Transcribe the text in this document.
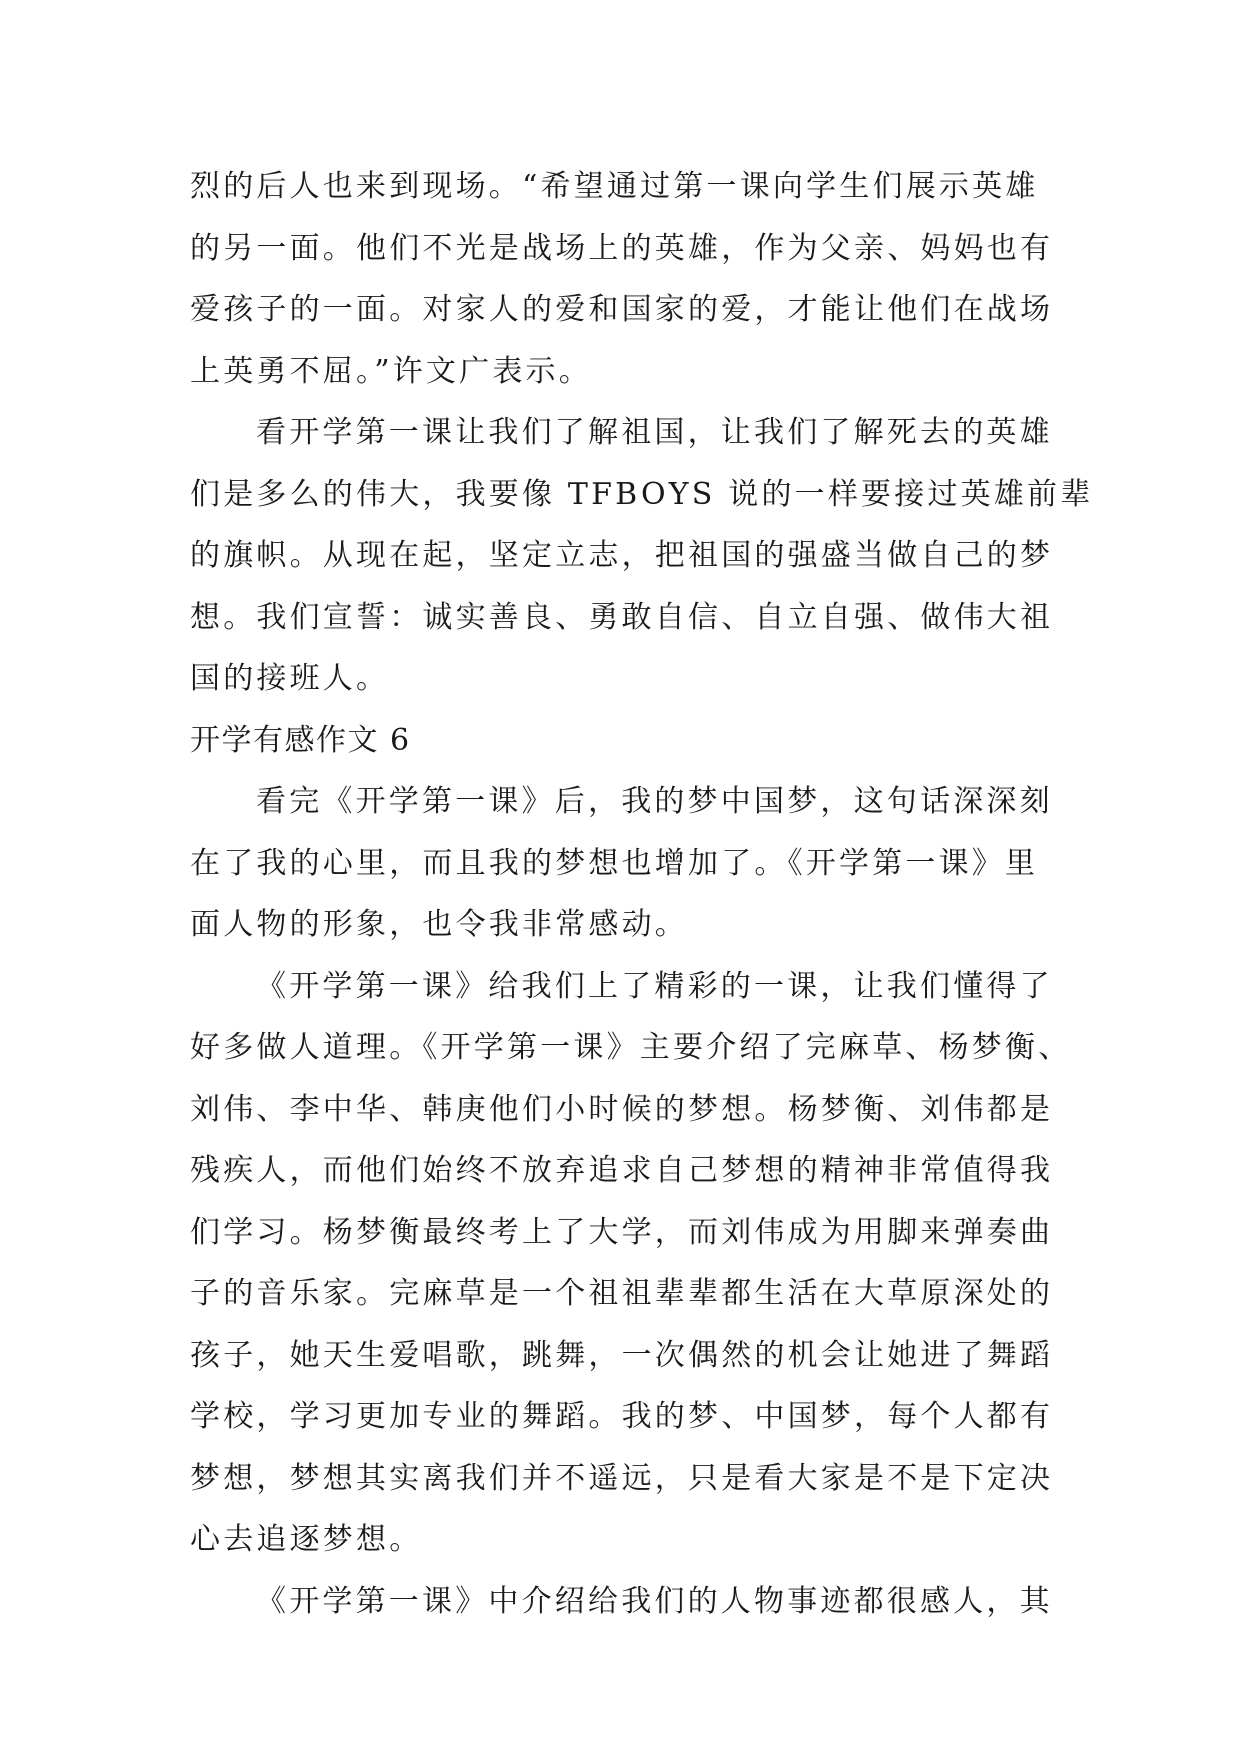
烈的后人也来到现场。“希望通过第一课向学生们展示英雄
的另一面。他们不光是战场上的英雄，作为父亲、妈妈也有
爱孩子的一面。对家人的爱和国家的爱，才能让他们在战场
上英勇不屈。”许文广表示。
看开学第一课让我们了解祖国，让我们了解死去的英雄
们是多么的伟大，我要像 TFBOYS 说的一样要接过英雄前辈
的旗帜。从现在起，坚定立志，把祖国的强盛当做自己的梦
想。我们宣誓：诚实善良、勇敢自信、自立自强、做伟大祖
国的接班人。
开学有感作文 6
看完《开学第一课》后，我的梦中国梦，这句话深深刻
在了我的心里，而且我的梦想也增加了。《开学第一课》里
面人物的形象，也令我非常感动。
《开学第一课》给我们上了精彩的一课，让我们懂得了
好多做人道理。《开学第一课》主要介绍了完麻草、杨梦衡、
刘伟、李中华、韩庚他们小时候的梦想。杨梦衡、刘伟都是
残疾人，而他们始终不放弃追求自己梦想的精神非常值得我
们学习。杨梦衡最终考上了大学，而刘伟成为用脚来弹奏曲
子的音乐家。完麻草是一个祖祖辈辈都生活在大草原深处的
孩子，她天生爱唱歌，跳舞，一次偶然的机会让她进了舞蹈
学校，学习更加专业的舞蹈。我的梦、中国梦，每个人都有
梦想，梦想其实离我们并不遥远，只是看大家是不是下定决
心去追逐梦想。
《开学第一课》中介绍给我们的人物事迹都很感人，其
